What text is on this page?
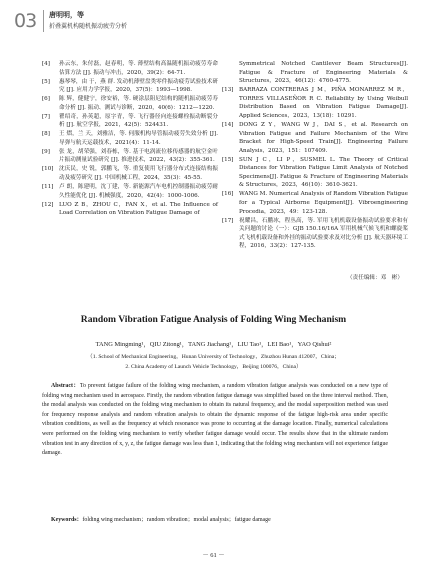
03	唐明明，等
折叠翼机构随机振动疲劳分析
[4]	孙云东，朱付磊，赵春明，等. 薄壁结构高温随机振动疲劳寿命估算方法 [J]. 振动与冲击，2020，39(2)：64-71.
[5]	惠琴琴，由 于，燕 群. 发动机薄壁盘类零件振动疲劳试验技术研究 [J]. 应用力学学报，2020，37(5)：1993—1998.
[6]	陈 辉，健健宁，徐安裕，等. 硬涂层阻尼结构的随机振动疲劳寿命分析 [J]. 振动、测试与诊断，2020，40(6)：1212—1220.
[7]	瞿绍奇，孙英超，原字青，等. 飞行器径向连接螺栓振动断裂分析 [J]. 航空学报，2021，42(5)：524431.
[8]	王 熠，兰 天，刘雅洁，等. 伺服机构导管振动疲劳失效分析 [J]. 导弹与航天运载技术，2021(4)：11-14.
[9]	张 龙，胡荣强，刘春栋，等. 基于电涡流位移传感器的航空金叶片振动测量试验研究 [J]. 推进技术，2022，43(2)：355-361.
[10] 沈庆民，史 锐，郭鹏飞，等. 重复使用飞行器分布式连接结构振动及疲劳研究 [J]. 中国机械工程，2024，35(3)：45-55.
[11] 卢 朗，陈建明，沈丁建，等. 新能源汽车电机控制器振动疲劳耐久性能优化 [J]. 机械强度，2020，42(4)：1000-1006.
[12] LUO Z B，ZHOU C，FAN X，et al. The Influence of Load Correlation on Vibration Fatigue Damage of
Symmetrical Notched Cantilever Beam Structures[J]. Fatigue & Fracture of Engineering Materials & Structures，2023，46(12)：4760-4775.
[13] BARRAZA CONTRERAS J M，PIÑA MONARREZ M R，TORRES VILLASEÑOR R C. Reliability by Using Weibull Distribution Based on Vibration Fatigue Damage[J]. Applied Sciences，2023，13(18)：10291.
[14] DONG Z Y，WANG W J，DAI S，et al. Research on Vibration Fatigue and Failure Mechanism of the Wire Bracket for High-Speed Train[J]. Engineering Failure Analysis，2023，151：107409.
[15] SUN J C，LI P，SUSMEL L. The Theory of Critical Distances for Vibration Fatigue Limit Analysis of Notched Specimens[J]. Fatigue & Fracture of Engineering Materials & Structures，2023，46(10)：3610-3621.
[16] WANG M. Numerical Analysis of Random Vibration Fatigue for a Typical Airborne Equipment[J]. Vibroengineering Procedia，2023，49：123-128.
[17] 祝耀昌，石鹏冰，程丛高，等. 军用飞机机载设备振动试验要求和有关问题的讨论（一）：GJB 150.16/16A 军用机械气候飞机和螺旋桨式飞机机载设备和外挂的振动试验要求及对比分析 [J]. 航天器环境工程，2016，33(2)：127-135.
（责任编辑：邓　彬）
Random Vibration Fatigue Analysis of Folding Wing Mechanism
TANG Mingming¹，QIU Zitong¹，TANG Jiachang¹，LIU Tao¹，LEI Bao¹，YAO Qishui²
（1. School of Mechanical Engineering，Hunan University of Technology，Zhuzhou Hunan 412007，China；
2. China Academy of Launch Vehicle Technology，Beijing 100076，China）
Abstract：To prevent fatigue failure of the folding wing mechanism, a random vibration fatigue analysis was conducted on a new type of folding wing mechanism used in aerospace. Firstly, the random vibration fatigue damage was simplified based on the three interval method. Then, the modal analysis was conducted on the folding wing mechanism to obtain its natural frequency, and the modal superposition method was used for frequency response analysis and random vibration analysis to obtain the dynamic response of the fatigue high-risk area under specific vibration conditions, as well as the frequency at which resonance was prone to occurring at the damage location. Finally, numerical calculations were performed on the folding wing mechanism to verify whether fatigue damage would occur. The results show that in the ultimate random vibration test in any direction of x, y, z, the fatigue damage was less than 1, indicating that the folding wing mechanism will not experience fatigue damage.
Keywords：folding wing mechanism；random vibration；modal analysis；fatigue damage
－ 61 －
